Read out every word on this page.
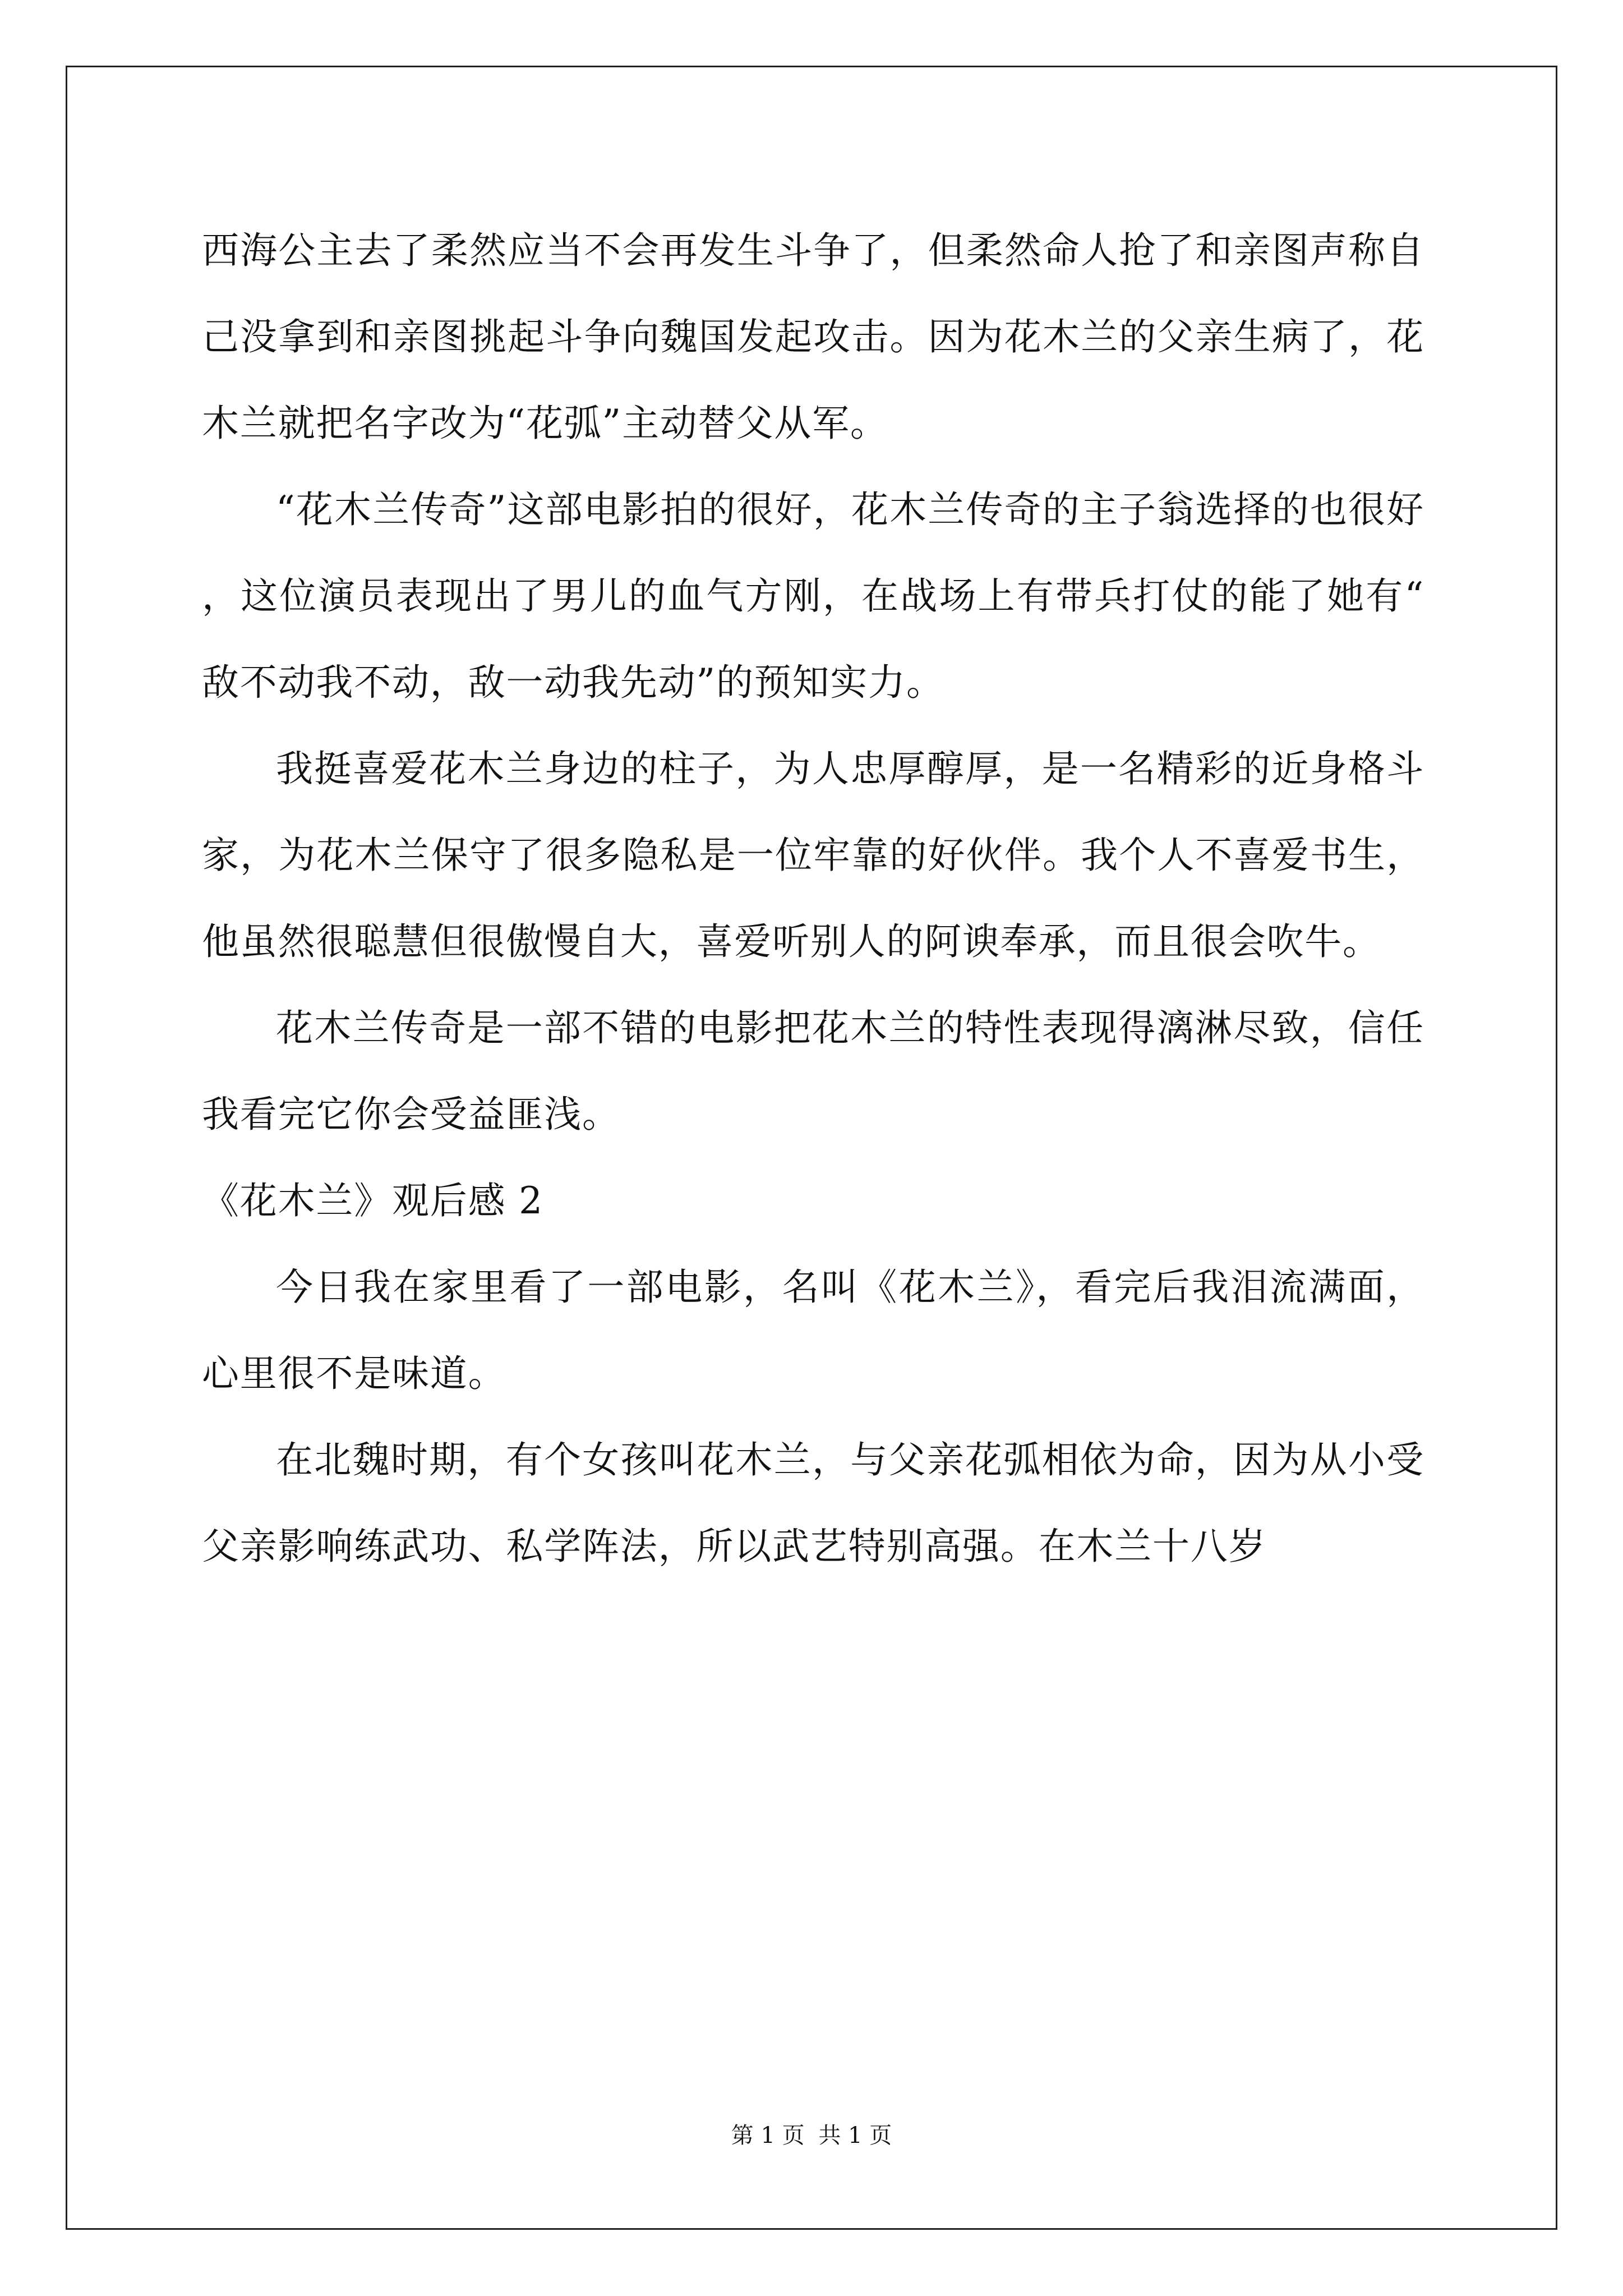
西海公主去了柔然应当不会再发生斗争了，但柔然命人抢了和亲图声称自己没拿到和亲图挑起斗争向魏国发起攻击。因为花木兰的父亲生病了，花木兰就把名字改为“花弧”主动替父从军。

“花木兰传奇”这部电影拍的很好，花木兰传奇的主子翁选择的也很好，这位演员表现出了男儿的血气方刚，在战场上有带兵打仗的能了她有“敌不动我不动，敌一动我先动”的预知实力。

我挺喜爱花木兰身边的柱子，为人忠厚醇厚，是一名精彩的近身格斗家，为花木兰保守了很多隐私是一位牢靠的好伙伴。我个人不喜爱书生，他虽然很聪慧但很傲慢自大，喜爱听别人的阿谀奉承，而且很会吹牛。

花木兰传奇是一部不错的电影把花木兰的特性表现得漓淋尽致，信任我看完它你会受益匪浅。

《花木兰》观后感 2

今日我在家里看了一部电影，名叫《花木兰》，看完后我泪流满面，心里很不是味道。

在北魏时期，有个女孩叫花木兰，与父亲花弧相依为命，因为从小受父亲影响练武功、私学阵法，所以武艺特别高强。在木兰十八岁

第 1 页 共 1 页
